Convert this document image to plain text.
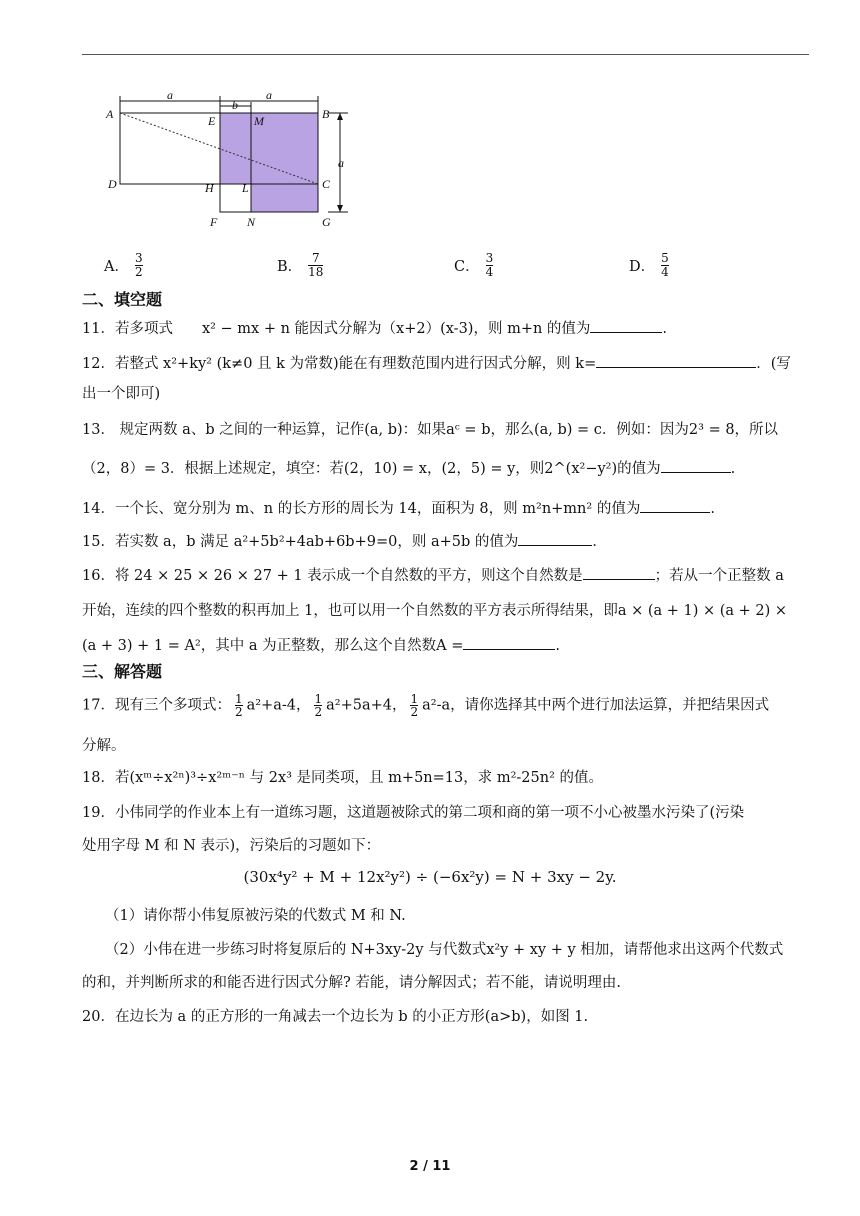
a
b
a
a
A	E	M	B
D	H L	C
F N	G
A． $\frac{3}{2}$	B． $\frac{7}{18}$	C． $\frac{3}{4}$	D． $\frac{5}{4}$
二、填空题
11．若多项式　　x² − mx + n 能因式分解为（x+2）(x-3)，则 m+n 的值为	.
12．若整式 x²+ky² (k≠0 且 k 为常数)能在有理数范围内进行因式分解，则 k=	．(写
出一个即可)
13． 规定两数 a、b 之间的一种运算，记作(a, b)：如果aᶜ = b，那么(a, b) = c．例如：因为2³ = 8，所以
（2，8）= 3．根据上述规定，填空：若(2，10) = x，(2，5) = y，则2^(x²−y²)的值为	.
14．一个长、宽分别为 m、n 的长方形的周长为 14，面积为 8，则 m²n+mn² 的值为	.
15．若实数 a，b 满足 a²+5b²+4ab+6b+9=0，则 a+5b 的值为	．
16．将 24 × 25 × 26 × 27 + 1 表示成一个自然数的平方，则这个自然数是	；若从一个正整数 a
开始，连续的四个整数的积再加上 1，也可以用一个自然数的平方表示所得结果，即a × (a + 1) × (a + 2) ×
(a + 3) + 1 = A²，其中 a 为正整数，那么这个自然数A =	.
三、解答题
17．现有三个多项式： $\frac{1}{2} a^2+a-4$， $\frac{1}{2} a^2+5a+4$， $\frac{1}{2} a^2-a$，请你选择其中两个进行加法运算，并把结果因式
分解。
18．若(xᵐ÷x²ⁿ)³÷x²ᵐ⁻ⁿ 与 2x³ 是同类项，且 m+5n=13，求 m²-25n² 的值。
19．小伟同学的作业本上有一道练习题，这道题被除式的第二项和商的第一项不小心被墨水污染了(污染
处用字母 M 和 N 表示)，污染后的习题如下：
(30x⁴y² + M + 12x²y²) ÷ (−6x²y) = N + 3xy − 2y.
（1）请你帮小伟复原被污染的代数式 M 和 N.
（2）小伟在进一步练习时将复原后的 N+3xy-2y 与代数式x²y + xy + y 相加，请帮他求出这两个代数式
的和，并判断所求的和能否进行因式分解? 若能，请分解因式；若不能，请说明理由.
20．在边长为 a 的正方形的一角减去一个边长为 b 的小正方形(a>b)，如图 1.
2 / 11
